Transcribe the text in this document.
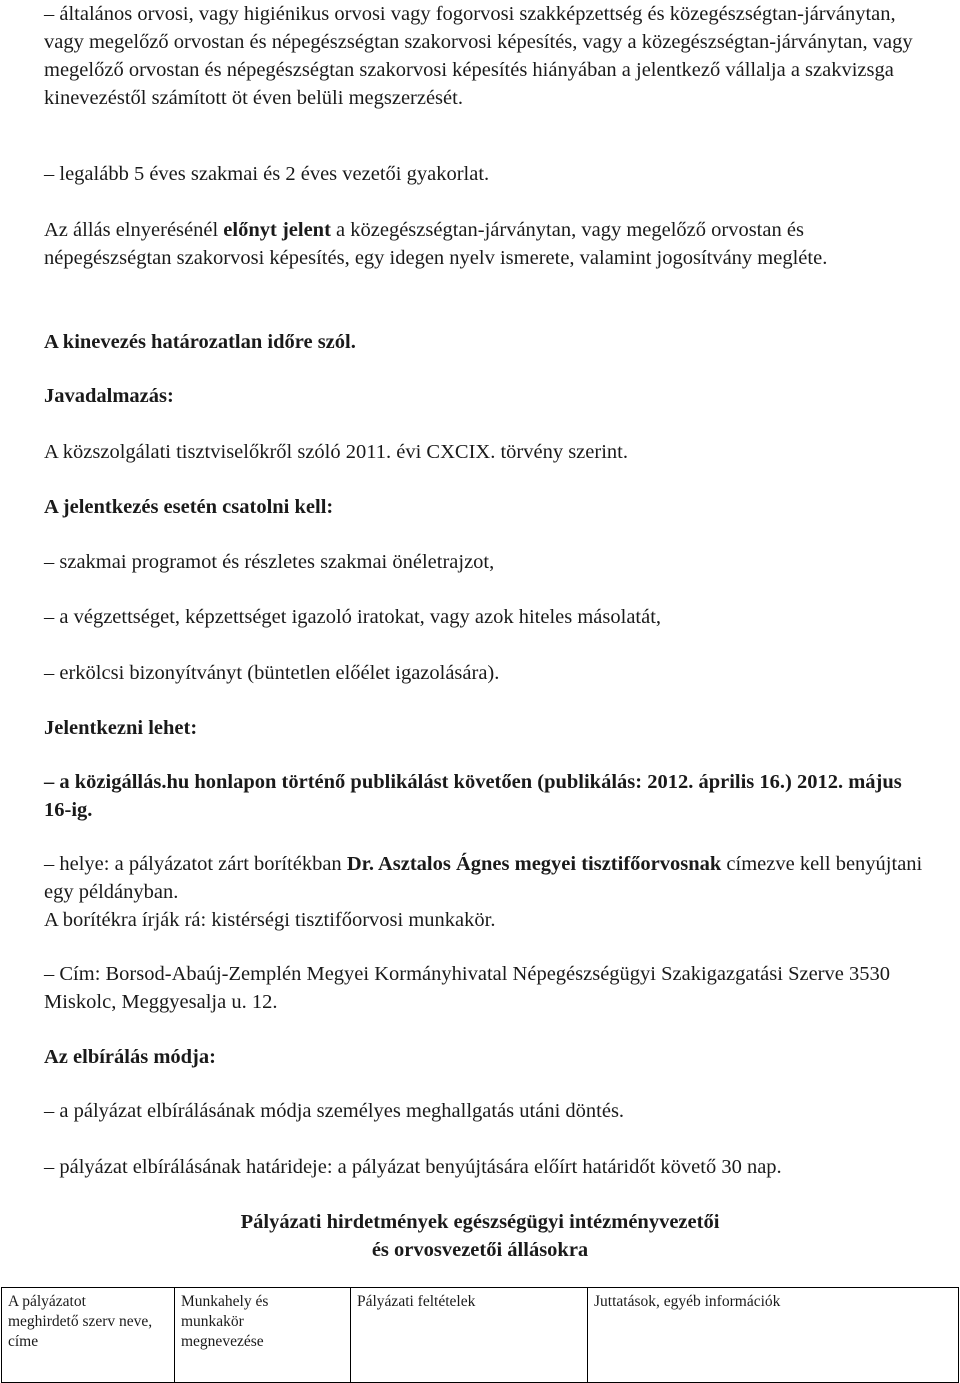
– általános orvosi, vagy higiénikus orvosi vagy fogorvosi szakképzettség és közegészségtan-járványtan, vagy megelőző orvostan és népegészségtan szakorvosi képesítés, vagy a közegészségtan-járványtan, vagy megelőző orvostan és népegészségtan szakorvosi képesítés hiányában a jelentkező vállalja a szakvizsga kinevezéstől számított öt éven belüli megszerzését.

– legalább 5 éves szakmai és 2 éves vezetői gyakorlat.

Az állás elnyerésénél előnyt jelent a közegészségtan-járványtan, vagy megelőző orvostan és népegészségtan szakorvosi képesítés, egy idegen nyelv ismerete, valamint jogosítvány megléte.

A kinevezés határozatlan időre szól.

Javadalmazás:

A közszolgálati tisztviselőkről szóló 2011. évi CXCIX. törvény szerint.

A jelentkezés esetén csatolni kell:

– szakmai programot és részletes szakmai önéletrajzot,

– a végzettséget, képzettséget igazoló iratokat, vagy azok hiteles másolatát,

– erkölcsi bizonyítványt (büntetlen előélet igazolására).

Jelentkezni lehet:

– a közigállás.hu honlapon történő publikálást követően (publikálás: 2012. április 16.) 2012. május 16-ig.

– helye: a pályázatot zárt borítékban Dr. Asztalos Ágnes megyei tisztifőorvosnak címezve kell benyújtani egy példányban.

A borítékra írják rá: kistérségi tisztifőorvosi munkakör.

– Cím: Borsod-Abaúj-Zemplén Megyei Kormányhivatal Népegészségügyi Szakigazgatási Szerve 3530 Miskolc, Meggyesalja u. 12.

Az elbírálás módja:

– a pályázat elbírálásának módja személyes meghallgatás utáni döntés.

– pályázat elbírálásának határideje: a pályázat benyújtására előírt határidőt követő 30 nap.

Pályázati hirdetmények egészségügyi intézményvezetői

és orvosvezetői állásokra

A pályázatot
meghirdető szerv neve,
címe	Munkahely és
munkakör
megnevezése	Pályázati feltételek	Juttatások, egyéb információk
